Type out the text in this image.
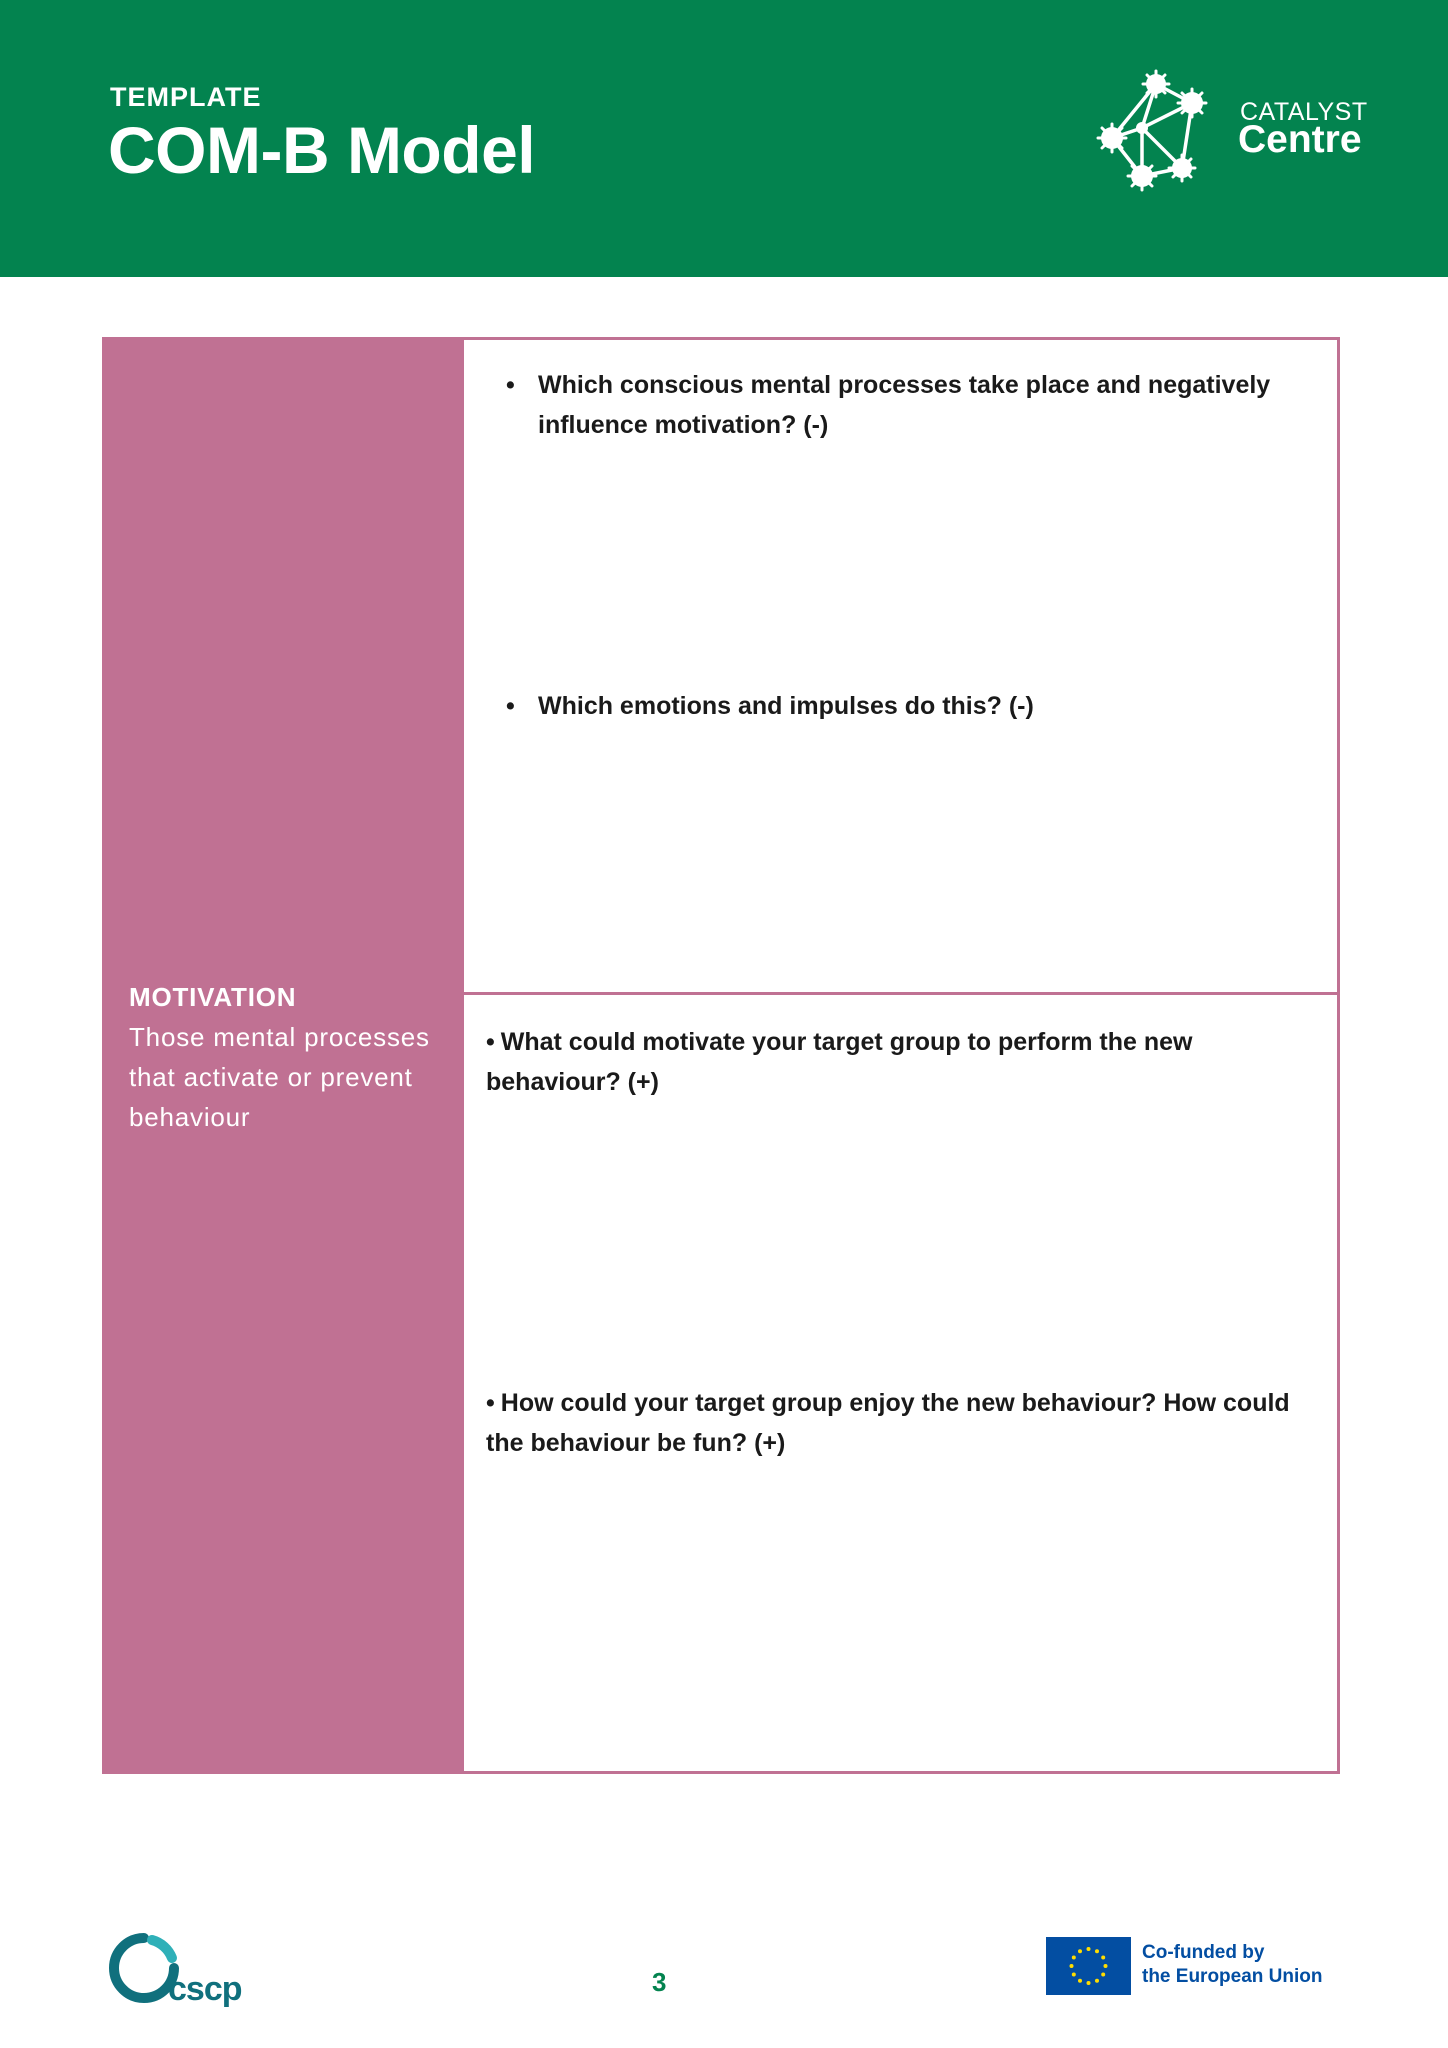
TEMPLATE
COM-B Model
CATALYST
Centre
MOTIVATION
Those mental processes that activate or prevent behaviour
• Which conscious mental processes take place and negatively influence motivation? (-)
• Which emotions and impulses do this? (-)
• What could motivate your target group to perform the new behaviour? (+)
• How could your target group enjoy the new behaviour? How could the behaviour be fun? (+)
cscp	3
Co-funded by
the European Union
